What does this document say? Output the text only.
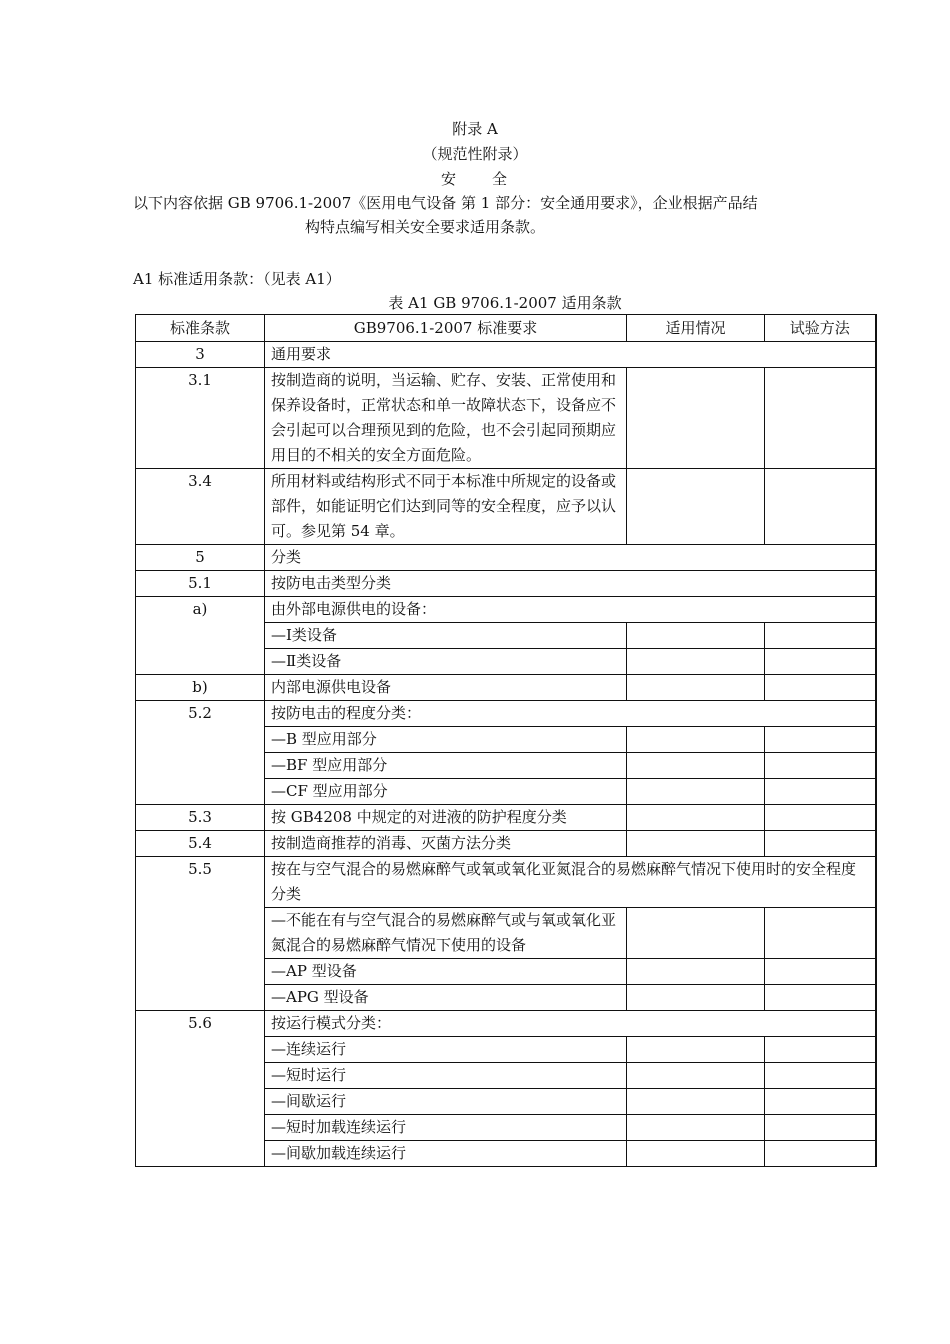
附录 A
（规范性附录）
安　　全
以下内容依据 GB 9706.1-2007《医用电气设备 第 1 部分：安全通用要求》，企业根据产品结
构特点编写相关安全要求适用条款。
A1 标准适用条款：（见表 A1）
表 A1 GB 9706.1-2007 适用条款
标准条款	GB9706.1-2007 标准要求	适用情况	试验方法
3	通用要求		
3.1	按制造商的说明，当运输、贮存、安装、正常使用和保养设备时，正常状态和单一故障状态下，设备应不会引起可以合理预见到的危险，也不会引起同预期应用目的不相关的安全方面危险。		
3.4	所用材料或结构形式不同于本标准中所规定的设备或部件，如能证明它们达到同等的安全程度，应予以认可。参见第 54 章。		
5	分类		
5.1	按防电击类型分类		
a)	由外部电源供电的设备：		
	—Ⅰ类设备		
	—Ⅱ类设备		
b)	内部电源供电设备		
5.2	按防电击的程度分类：		
	—B 型应用部分		
	—BF 型应用部分		
	—CF 型应用部分		
5.3	按 GB4208 中规定的对进液的防护程度分类		
5.4	按制造商推荐的消毒、灭菌方法分类		
5.5	按在与空气混合的易燃麻醉气或氧或氧化亚氮混合的易燃麻醉气情况下使用时的安全程度分类		
	—不能在有与空气混合的易燃麻醉气或与氧或氧化亚氮混合的易燃麻醉气情况下使用的设备		
	—AP 型设备		
	—APG 型设备		
5.6	按运行模式分类：		
	—连续运行		
	—短时运行		
	—间歇运行		
	—短时加载连续运行		
	—间歇加载连续运行		
